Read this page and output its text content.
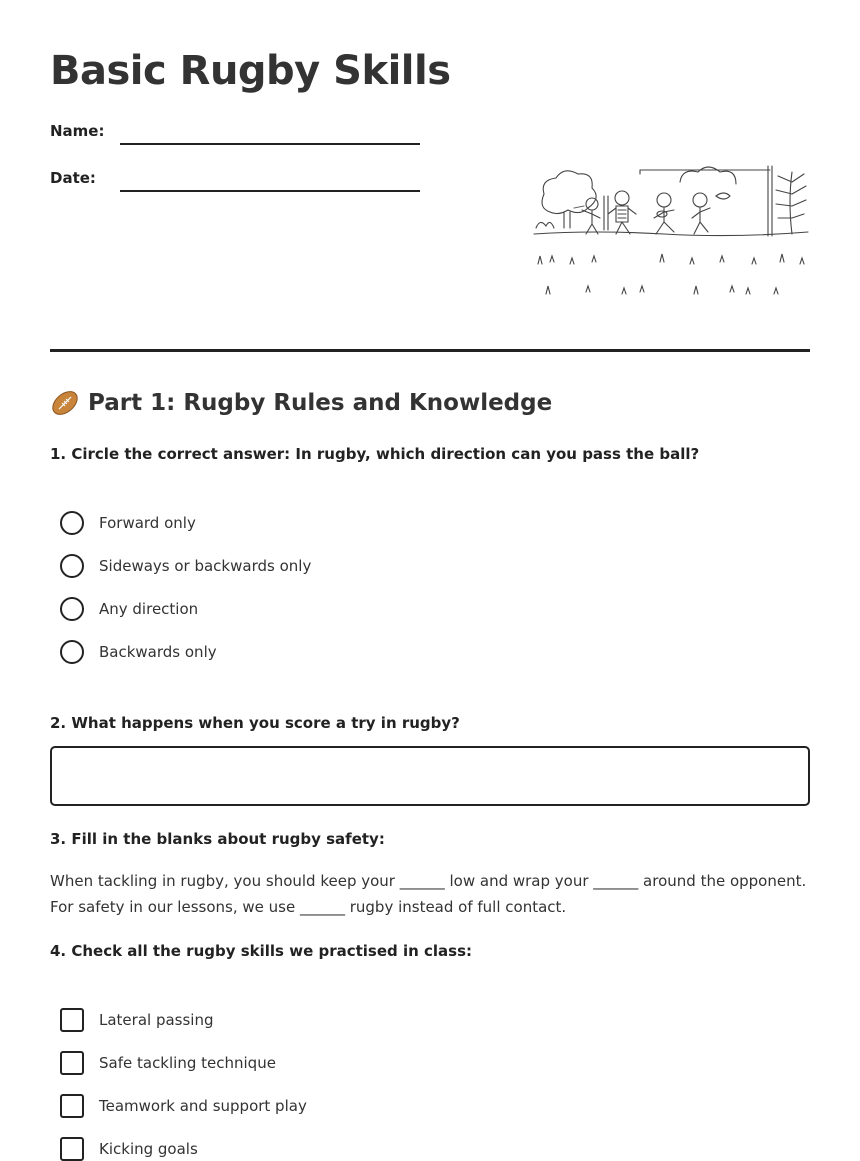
Basic Rugby Skills
Name:
Date:
Part 1: Rugby Rules and Knowledge

1. Circle the correct answer: In rugby, which direction can you pass the ball?

Forward only
Sideways or backwards only
Any direction
Backwards only

2. What happens when you score a try in rugby?

3. Fill in the blanks about rugby safety:

When tackling in rugby, you should keep your ______ low and wrap your ______ around the opponent. For safety in our lessons, we use ______ rugby instead of full contact.

4. Check all the rugby skills we practised in class:

Lateral passing
Safe tackling technique
Teamwork and support play
Kicking goals
